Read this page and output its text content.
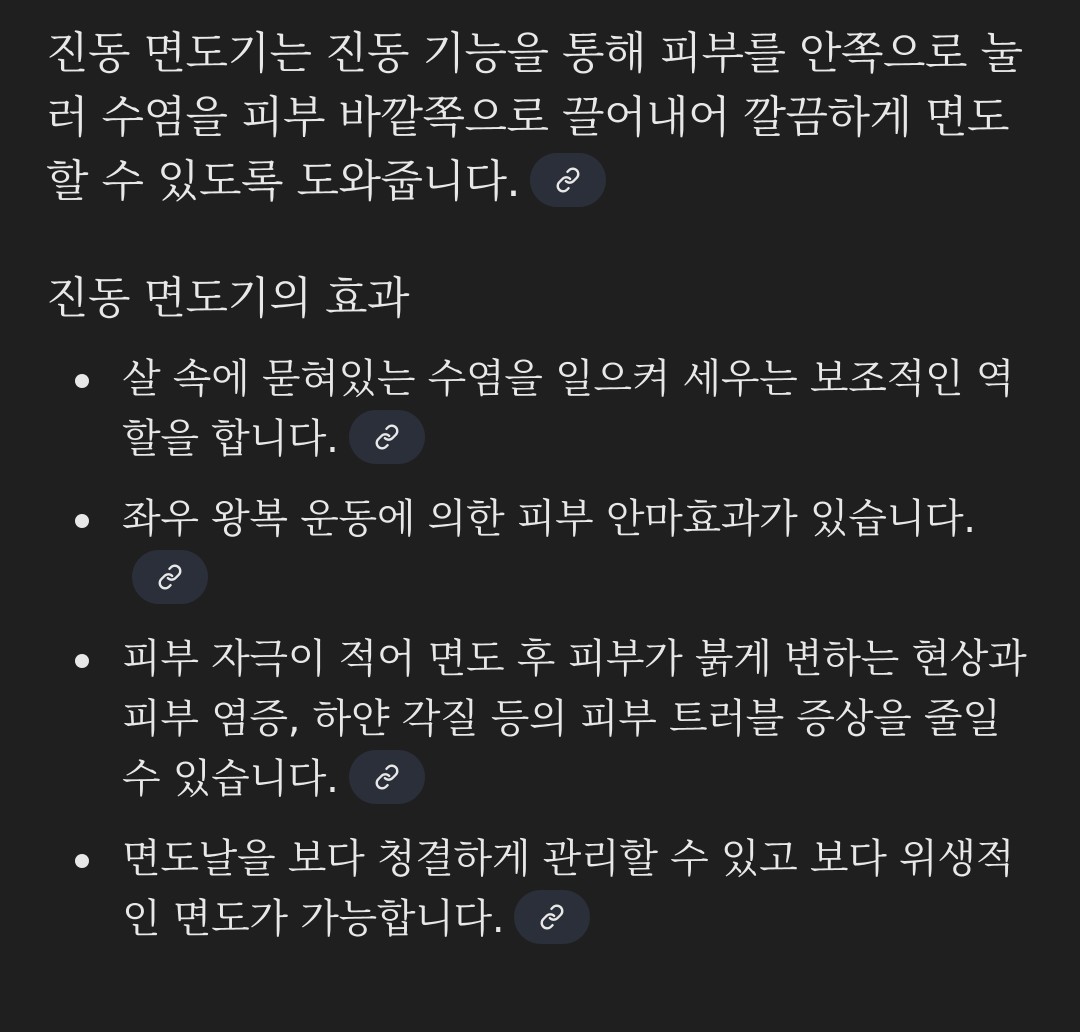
진동 면도기는 진동 기능을 통해 피부를 안쪽으로 눌러 수염을 피부 바깥쪽으로 끌어내어 깔끔하게 면도할 수 있도록 도와줍니다.

진동 면도기의 효과
살 속에 묻혀있는 수염을 일으켜 세우는 보조적인 역할을 합니다.
좌우 왕복 운동에 의한 피부 안마효과가 있습니다.
피부 자극이 적어 면도 후 피부가 붉게 변하는 현상과 피부 염증, 하얀 각질 등의 피부 트러블 증상을 줄일 수 있습니다.
면도날을 보다 청결하게 관리할 수 있고 보다 위생적인 면도가 가능합니다.
